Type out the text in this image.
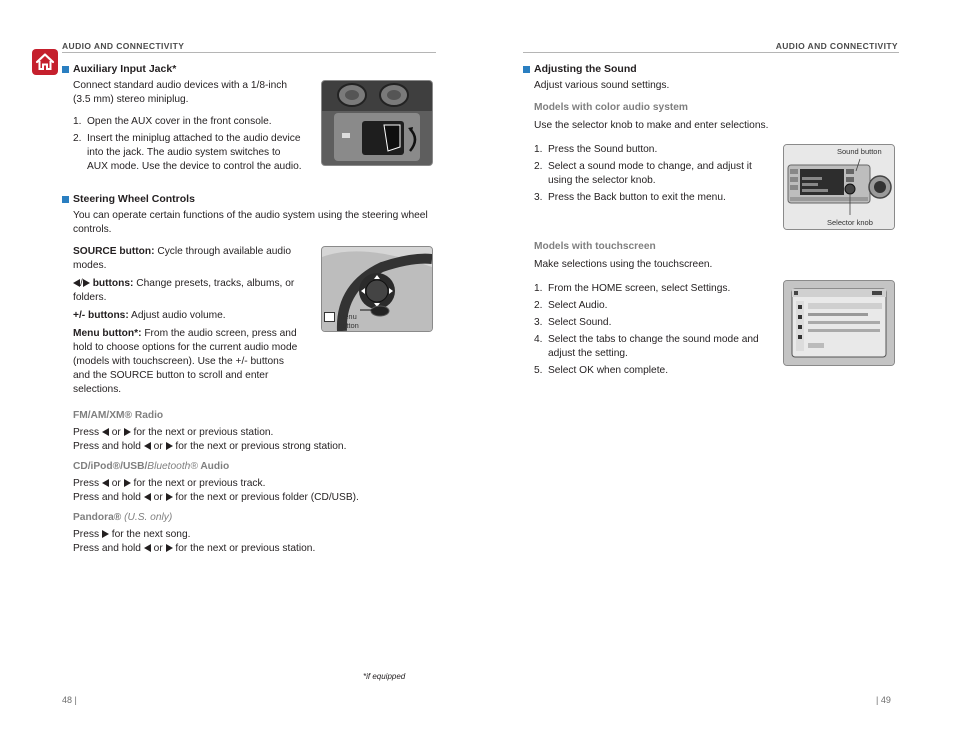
AUDIO AND CONNECTIVITY	AUDIO AND CONNECTIVITY

Auxiliary Input Jack*

Connect standard audio devices with a 1/8-inch (3.5 mm) stereo miniplug.

1. Open the AUX cover in the front console.
2. Insert the miniplug attached to the audio device into the jack. The audio system switches to AUX mode. Use the device to control the audio.

Steering Wheel Controls

You can operate certain functions of the audio system using the steering wheel controls.

SOURCE button: Cycle through available audio modes.

/ buttons: Change presets, tracks, albums, or folders.

+/- buttons: Adjust audio volume.

Menu button*: From the audio screen, press and hold to choose options for the current audio mode (models with touchscreen). Use the +/- buttons and the SOURCE button to scroll and enter selections.

FM/AM/XM® Radio

Press or for the next or previous station.

Press and hold or for the next or previous strong station.

CD/iPod®/USB/Bluetooth® Audio

Press or for the next or previous track.

Press and hold or for the next or previous folder (CD/USB).

Pandora® (U.S. only)

Press for the next song.

Press and hold or for the next or previous station.

Menu button

Adjusting the Sound

Adjust various sound settings.

Models with color audio system

Use the selector knob to make and enter selections.

1. Press the Sound button.
2. Select a sound mode to change, and adjust it using the selector knob.
3. Press the Back button to exit the menu.

Models with touchscreen

Make selections using the touchscreen.

1. From the HOME screen, select Settings.
2. Select Audio.
3. Select Sound.
4. Select the tabs to change the sound mode and adjust the setting.
5. Select OK when complete.
Sound button
Selector knob
*if equipped
48 |	| 49
